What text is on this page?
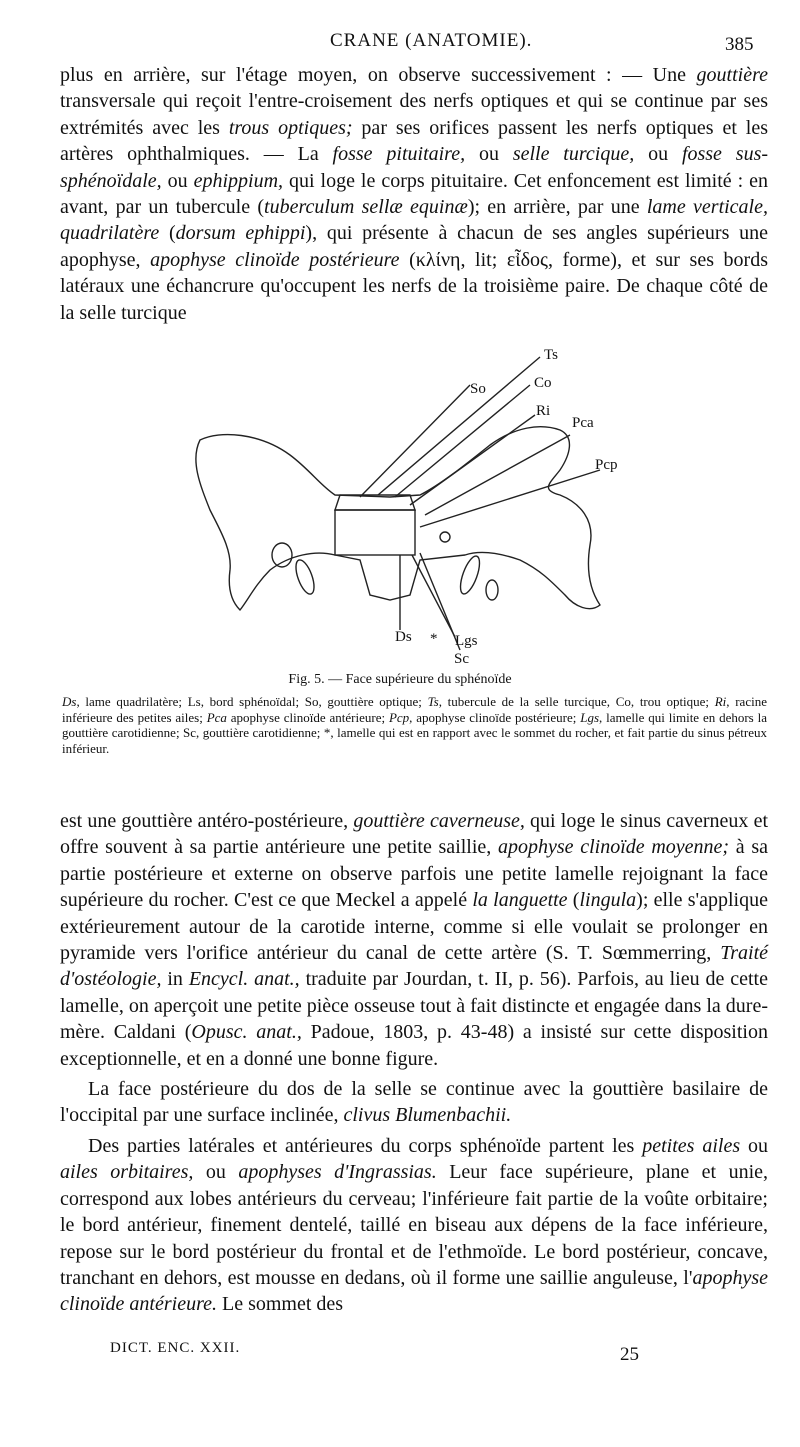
CRANE (ANATOMIE).	385

plus en arrière, sur l'étage moyen, on observe successivement : — Une gouttière transversale qui reçoit l'entre-croisement des nerfs optiques et qui se continue par ses extrémités avec les trous optiques; par ses orifices passent les nerfs optiques et les artères ophthalmiques. — La fosse pituitaire, ou selle turcique, ou fosse sus-sphénoïdale, ou ephippium, qui loge le corps pituitaire. Cet enfoncement est limité : en avant, par un tubercule (tuberculum sellæ equinæ); en arrière, par une lame verticale, quadrilatère (dorsum ephippi), qui présente à chacun de ses angles supérieurs une apophyse, apophyse clinoïde postérieure (κλίνη, lit; εἶδος, forme), et sur ses bords latéraux une échancrure qu'occupent les nerfs de la troisième paire. De chaque côté de la selle turcique

Ts
So	Co
Ri
Pca
Pcp
Ds * Lgs
Sc
Fig. 5. — Face supérieure du sphénoïde
Ds, lame quadrilatère; Ls, bord sphénoïdal; So, gouttière optique; Ts, tubercule de la selle turcique, Co, trou optique; Ri, racine inférieure des petites ailes; Pca apophyse clinoïde antérieure; Pcp, apophyse clinoïde postérieure; Lgs, lamelle qui limite en dehors la gouttière carotidienne; Sc, gouttière carotidienne; *, lamelle qui est en rapport avec le sommet du rocher, et fait partie du sinus pétreux inférieur.

est une gouttière antéro-postérieure, gouttière caverneuse, qui loge le sinus caverneux et offre souvent à sa partie antérieure une petite saillie, apophyse clinoïde moyenne; à sa partie postérieure et externe on observe parfois une petite lamelle rejoignant la face supérieure du rocher. C'est ce que Meckel a appelé la languette (lingula); elle s'applique extérieurement autour de la carotide interne, comme si elle voulait se prolonger en pyramide vers l'orifice antérieur du canal de cette artère (S. T. Sœmmerring, Traité d'ostéologie, in Encycl. anat., traduite par Jourdan, t. II, p. 56). Parfois, au lieu de cette lamelle, on aperçoit une petite pièce osseuse tout à fait distincte et engagée dans la dure-mère. Caldani (Opusc. anat., Padoue, 1803, p. 43-48) a insisté sur cette disposition exceptionnelle, et en a donné une bonne figure.

La face postérieure du dos de la selle se continue avec la gouttière basilaire de l'occipital par une surface inclinée, clivus Blumenbachii.

Des parties latérales et antérieures du corps sphénoïde partent les petites ailes ou ailes orbitaires, ou apophyses d'Ingrassias. Leur face supérieure, plane et unie, correspond aux lobes antérieurs du cerveau; l'inférieure fait partie de la voûte orbitaire; le bord antérieur, finement dentelé, taillé en biseau aux dépens de la face inférieure, repose sur le bord postérieur du frontal et de l'ethmoïde. Le bord postérieur, concave, tranchant en dehors, est mousse en dedans, où il forme une saillie anguleuse, l'apophyse clinoïde antérieure. Le sommet des

DICT. ENC. XXII.	25
